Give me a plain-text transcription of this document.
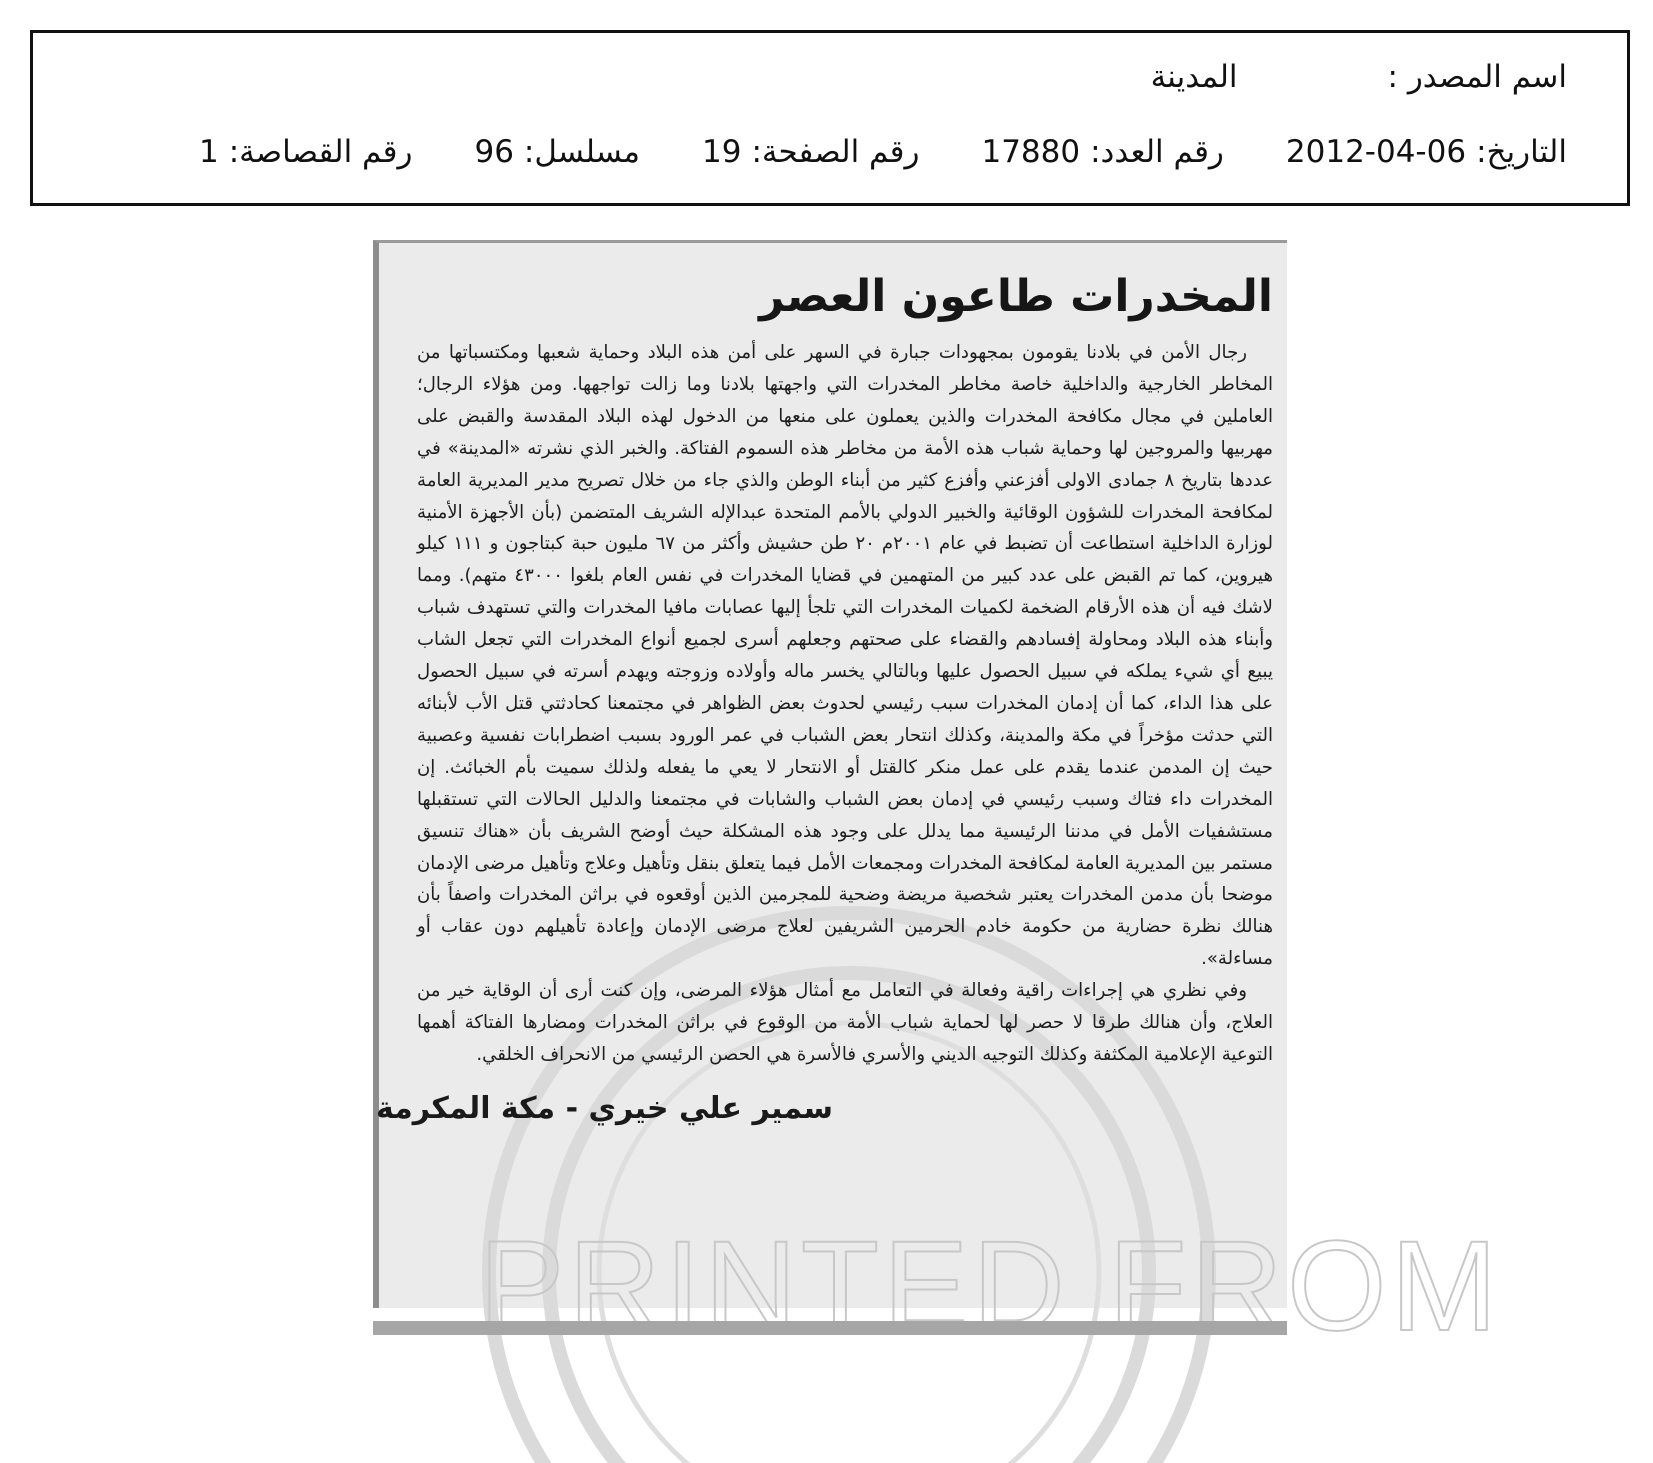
اسم المصدر :
المدينة
التاريخ:
2012-04-06
رقم العدد:
17880
رقم الصفحة:
19
مسلسل:
96
رقم القصاصة:
1
PRINTED FROM
المخدرات طاعون العصر

رجال الأمن في بلادنا يقومون بمجهودات جبارة في السهر على أمن هذه البلاد وحماية شعبها ومكتسباتها من المخاطر الخارجية والداخلية خاصة مخاطر المخدرات التي واجهتها بلادنا وما زالت تواجهها. ومن هؤلاء الرجال؛ العاملين في مجال مكافحة المخدرات والذين يعملون على منعها من الدخول لهذه البلاد المقدسة والقبض على مهربيها والمروجين لها وحماية شباب هذه الأمة من مخاطر هذه السموم الفتاكة. والخبر الذي نشرته «المدينة» في عددها بتاريخ ٨ جمادى الاولى أفزعني وأفزع كثير من أبناء الوطن والذي جاء من خلال تصريح مدير المديرية العامة لمكافحة المخدرات للشؤون الوقائية والخبير الدولي بالأمم المتحدة عبدالإله الشريف المتضمن (بأن الأجهزة الأمنية لوزارة الداخلية استطاعت أن تضبط في عام ٢٠٠١م ٢٠ طن حشيش وأكثر من ٦٧ مليون حبة كبتاجون و ١١١ كيلو هيروين، كما تم القبض على عدد كبير من المتهمين في قضايا المخدرات في نفس العام بلغوا ٤٣٠٠٠ متهم). ومما لاشك فيه أن هذه الأرقام الضخمة لكميات المخدرات التي تلجأ إليها عصابات مافيا المخدرات والتي تستهدف شباب وأبناء هذه البلاد ومحاولة إفسادهم والقضاء على صحتهم وجعلهم أسرى لجميع أنواع المخدرات التي تجعل الشاب يبيع أي شيء يملكه في سبيل الحصول عليها وبالتالي يخسر ماله وأولاده وزوجته ويهدم أسرته في سبيل الحصول على هذا الداء، كما أن إدمان المخدرات سبب رئيسي لحدوث بعض الظواهر في مجتمعنا كحادثتي قتل الأب لأبنائه التي حدثت مؤخراً في مكة والمدينة، وكذلك انتحار بعض الشباب في عمر الورود بسبب اضطرابات نفسية وعصبية حيث إن المدمن عندما يقدم على عمل منكر كالقتل أو الانتحار لا يعي ما يفعله ولذلك سميت بأم الخبائث. إن المخدرات داء فتاك وسبب رئيسي في إدمان بعض الشباب والشابات في مجتمعنا والدليل الحالات التي تستقبلها مستشفيات الأمل في مدننا الرئيسية مما يدلل على وجود هذه المشكلة حيث أوضح الشريف بأن «هناك تنسيق مستمر بين المديرية العامة لمكافحة المخدرات ومجمعات الأمل فيما يتعلق بنقل وتأهيل وعلاج وتأهيل مرضى الإدمان موضحا بأن مدمن المخدرات يعتبر شخصية مريضة وضحية للمجرمين الذين أوقعوه في براثن المخدرات واصفاً بأن هنالك نظرة حضارية من حكومة خادم الحرمين الشريفين لعلاج مرضى الإدمان وإعادة تأهيلهم دون عقاب أو مساءلة».

وفي نظري هي إجراءات راقية وفعالة في التعامل مع أمثال هؤلاء المرضى، وإن كنت أرى أن الوقاية خير من العلاج، وأن هنالك طرقا لا حصر لها لحماية شباب الأمة من الوقوع في براثن المخدرات ومضارها الفتاكة أهمها التوعية الإعلامية المكثفة وكذلك التوجيه الديني والأسري فالأسرة هي الحصن الرئيسي من الانحراف الخلقي.

سمير علي خيري - مكة المكرمة
